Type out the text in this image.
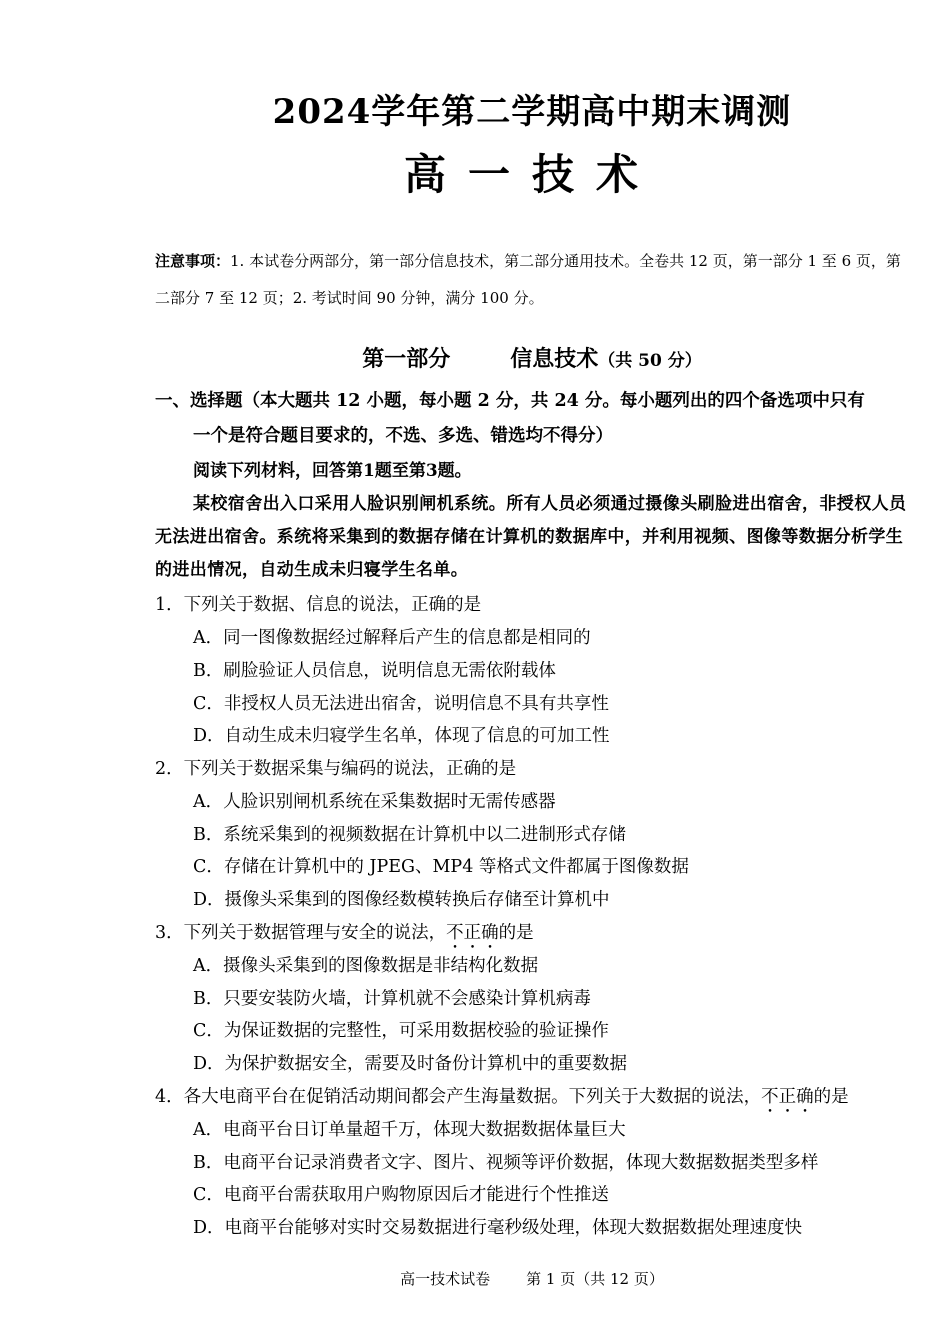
2024学年第二学期高中期末调测
高一技术
注意事项：1. 本试卷分两部分，第一部分信息技术，第二部分通用技术。全卷共 12 页，第一部分 1 至 6 页，第二部分 7 至 12 页；2. 考试时间 90 分钟，满分 100 分。
第一部分	信息技术（共 50 分）
一、选择题（本大题共 12 小题，每小题 2 分，共 24 分。每小题列出的四个备选项中只有
一个是符合题目要求的，不选、多选、错选均不得分）
阅读下列材料，回答第1题至第3题。
某校宿舍出入口采用人脸识别闸机系统。所有人员必须通过摄像头刷脸进出宿舍，非授权人员无法进出宿舍。系统将采集到的数据存储在计算机的数据库中，并利用视频、图像等数据分析学生的进出情况，自动生成未归寝学生名单。
1．下列关于数据、信息的说法，正确的是
A．同一图像数据经过解释后产生的信息都是相同的
B．刷脸验证人员信息，说明信息无需依附载体
C．非授权人员无法进出宿舍，说明信息不具有共享性
D．自动生成未归寝学生名单，体现了信息的可加工性
2．下列关于数据采集与编码的说法，正确的是
A．人脸识别闸机系统在采集数据时无需传感器
B．系统采集到的视频数据在计算机中以二进制形式存储
C．存储在计算机中的 JPEG、MP4 等格式文件都属于图像数据
D．摄像头采集到的图像经数模转换后存储至计算机中
3．下列关于数据管理与安全的说法，不正确的是
A．摄像头采集到的图像数据是非结构化数据
B．只要安装防火墙，计算机就不会感染计算机病毒
C．为保证数据的完整性，可采用数据校验的验证操作
D．为保护数据安全，需要及时备份计算机中的重要数据
4．各大电商平台在促销活动期间都会产生海量数据。下列关于大数据的说法，不正确的是
A．电商平台日订单量超千万，体现大数据数据体量巨大
B．电商平台记录消费者文字、图片、视频等评价数据，体现大数据数据类型多样
C．电商平台需获取用户购物原因后才能进行个性推送
D．电商平台能够对实时交易数据进行毫秒级处理，体现大数据数据处理速度快
高一技术试卷 第 1 页（共 12 页）
